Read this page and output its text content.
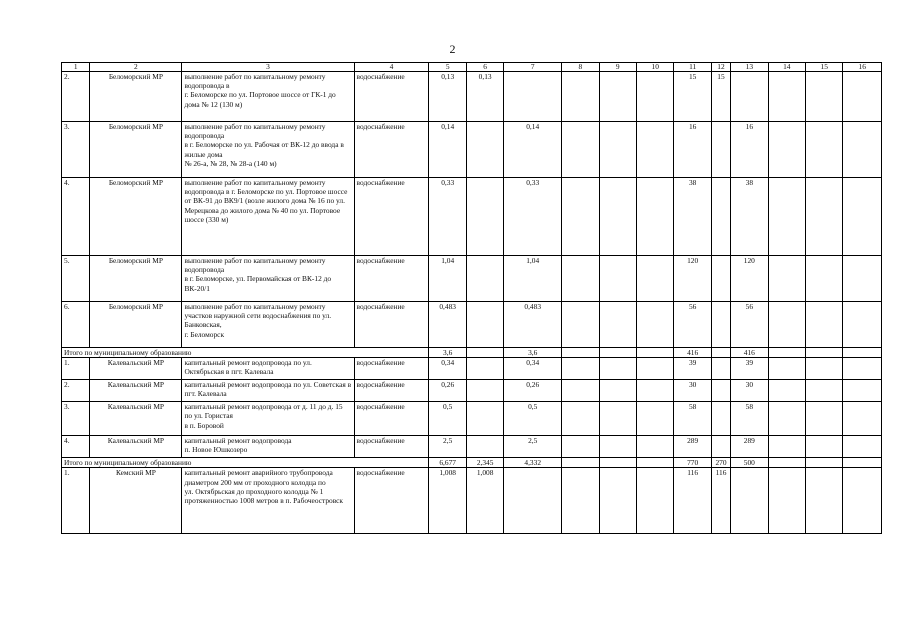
2
1	2	3	4	5	6	7	8	9	10	11	12	13	14	15	16
2.	Беломорский МР	выполнение работ по капитальному ремонту водопровода в
г. Беломорске по ул. Портовое шоссе от ГК-1 до дома № 12 (130 м)	водоснабжение	0,13	0,13					15	15				
3.	Беломорский МР	выполнение работ по капитальному ремонту водопровода
в г. Беломорске по ул. Рабочая от ВК-12 до ввода в жилые дома
№ 26-а, № 28, № 28-а (140 м)	водоснабжение	0,14		0,14				16		16			
4.	Беломорский МР	выполнение работ по капитальному ремонту водопровода в г. Беломорске по ул. Портовое шоссе от ВК-91 до ВК9/1 (возле жилого дома № 16 по ул. Мерецкова до жилого дома № 40 по ул. Портовое шоссе (330 м)	водоснабжение	0,33		0,33				38		38			
5.	Беломорский МР	выполнение работ по капитальному ремонту водопровода
в г. Беломорске, ул. Первомайская от ВК-12 до ВК-20/1	водоснабжение	1,04		1,04				120		120			
6.	Беломорский МР	выполнение работ по капитальному ремонту участков наружной сети водоснабжения по ул. Банковская,
г. Беломорск	водоснабжение	0,483		0,483				56		56			
Итого по муниципальному образованию				3,6		3,6				416		416			
1.	Калевальский МР	капитальный ремонт водопровода по ул. Октябрьская в пгт. Калевала	водоснабжение	0,34		0,34				39		39			
2.	Калевальский МР	капитальный ремонт водопровода по ул. Советская в пгт. Калевала	водоснабжение	0,26		0,26				30		30			
3.	Калевальский МР	капитальный ремонт водопровода от д. 11 до д. 15 по ул. Гористая
в п. Боровой	водоснабжение	0,5		0,5				58		58			
4.	Калевальский МР	капитальный ремонт водопровода
п. Новое Юшкозеро	водоснабжение	2,5		2,5				289		289			
Итого по муниципальному образованию				6,677	2,345	4,332				770	270	500			
1.	Кемский МР	капитальный ремонт аварийного трубопровода диаметром 200 мм от проходного колодца по
ул. Октябрьская до проходного колодца № 1 протяженностью 1008 метров в п. Рабочеостровск	водоснабжение	1,008	1,008					116	116				
